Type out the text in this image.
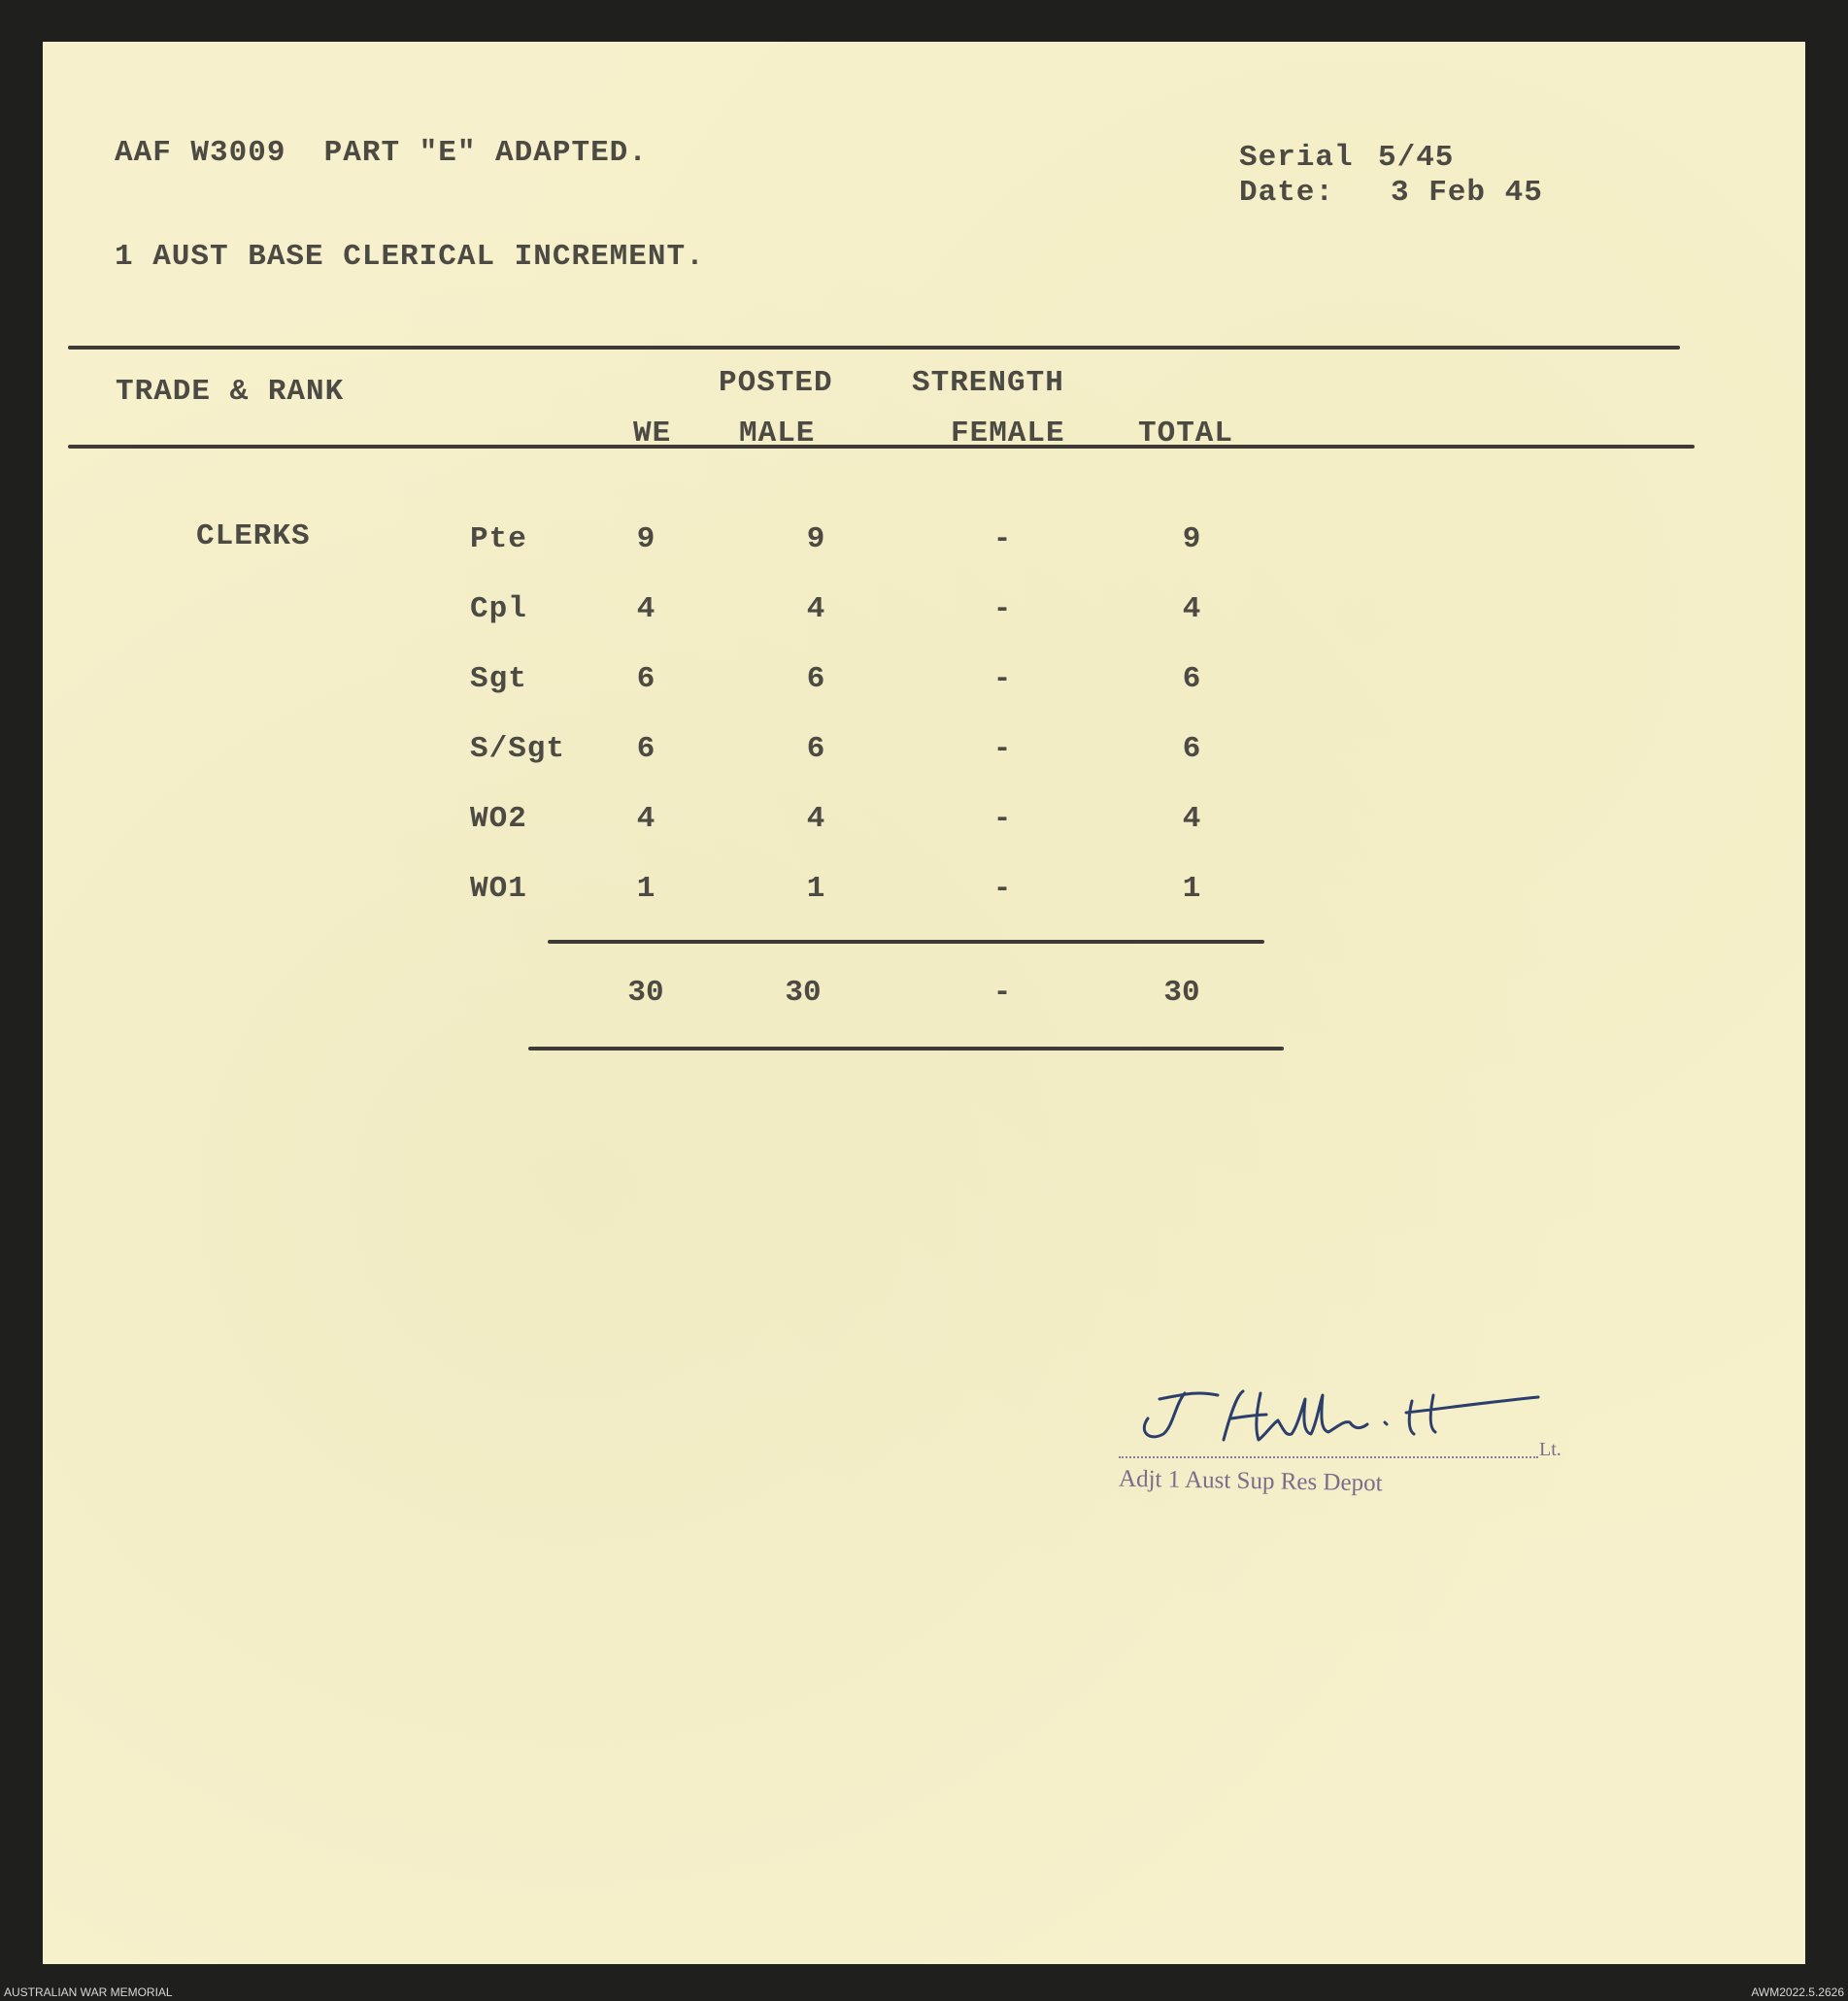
AAF W3009  PART "E" ADAPTED.	Serial 5/45
Date: 3 Feb 45
1 AUST BASE CLERICAL INCREMENT.
TRADE & RANK	POSTED	STRENGTH
WE MALE	FEMALE TOTAL
CLERKS	Pte	9	9	-	9
Cpl	4	4	-	4
Sgt	6	6	-	6
S/Sgt	6	6	-	6
WO2	4	4	-	4
WO1	1	1	-	1
30	30	-	30
Lt.
Adjt 1 Aust Sup Res Depot
AUSTRALIAN WAR MEMORIAL	AWM2022.5.2626
